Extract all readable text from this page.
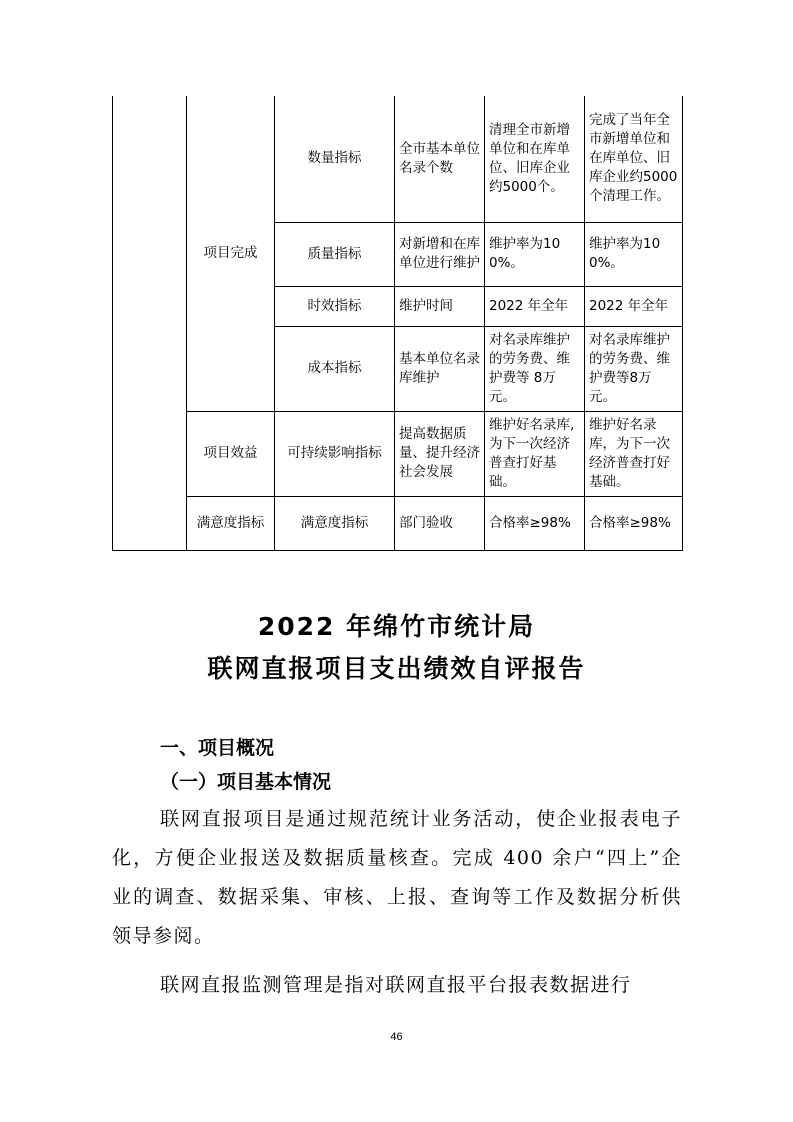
	项目完成	数量指标	全市基本单位名录个数	清理全市新增单位和在库单位、旧库企业约5000个。	完成了当年全市新增单位和在库单位、旧库企业约5000个清理工作。
		质量指标	对新增和在库单位进行维护	维护率为100%。	维护率为100%。
		时效指标	维护时间	2022 年全年	2022 年全年
		成本指标	基本单位名录库维护	对名录库维护的劳务费、维护费等 8万元。	对名录库维护的劳务费、维护费等8万元。
	项目效益	可持续影响指标	提高数据质量、提升经济社会发展	维护好名录库,为下一次经济普查打好基础。	维护好名录库，为下一次经济普查打好基础。
	满意度指标	满意度指标	部门验收	合格率≥98%	合格率≥98%
2022 年绵竹市统计局
联网直报项目支出绩效自评报告
一、项目概况
（一）项目基本情况
联网直报项目是通过规范统计业务活动，使企业报表电子化，方便企业报送及数据质量核查。完成 400 余户“四上”企业的调查、数据采集、审核、上报、查询等工作及数据分析供领导参阅。
联网直报监测管理是指对联网直报平台报表数据进行
46
